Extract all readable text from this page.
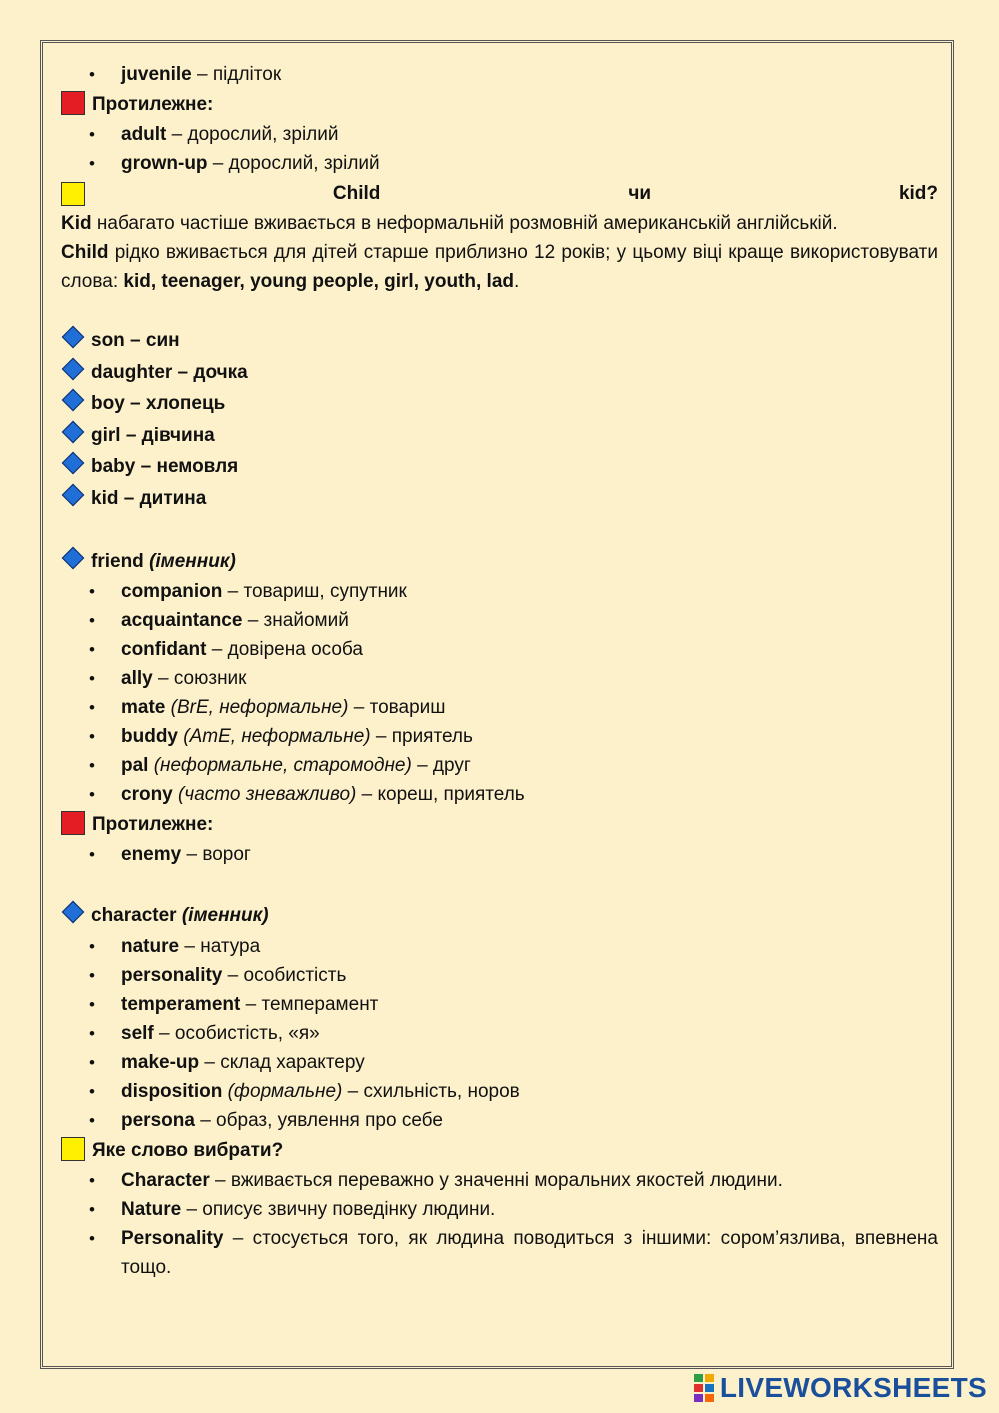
• juvenile – підліток
Протилежне:
• adult – дорослий, зрілий
• grown-up – дорослий, зрілий
Child	чи	kid?
Kid набагато частіше вживається в неформальній розмовній американській англійській.
Child рідко вживається для дітей старше приблизно 12 років; у цьому віці краще використовувати слова: kid, teenager, young people, girl, youth, lad.
son – син
daughter – дочка
boy – хлопець
girl – дівчина
baby – немовля
kid – дитина
friend (іменник)
• companion – товариш, супутник
• acquaintance – знайомий
• confidant – довірена особа
• ally – союзник
• mate (BrE, неформальне) – товариш
• buddy (AmE, неформальне) – приятель
• pal (неформальне, старомодне) – друг
• crony (часто зневажливо) – кореш, приятель
Протилежне:
• enemy – ворог
character (іменник)
• nature – натура
• personality – особистість
• temperament – темперамент
• self – особистість, «я»
• make-up – склад характеру
• disposition (формальне) – схильність, норов
• persona – образ, уявлення про себе
Яке слово вибрати?
• Character – вживається переважно у значенні моральних якостей людини.
• Nature – описує звичну поведінку людини.
• Personality – стосується того, як людина поводиться з іншими: сором’язлива, впевнена тощо.
LIVEWORKSHEETS
